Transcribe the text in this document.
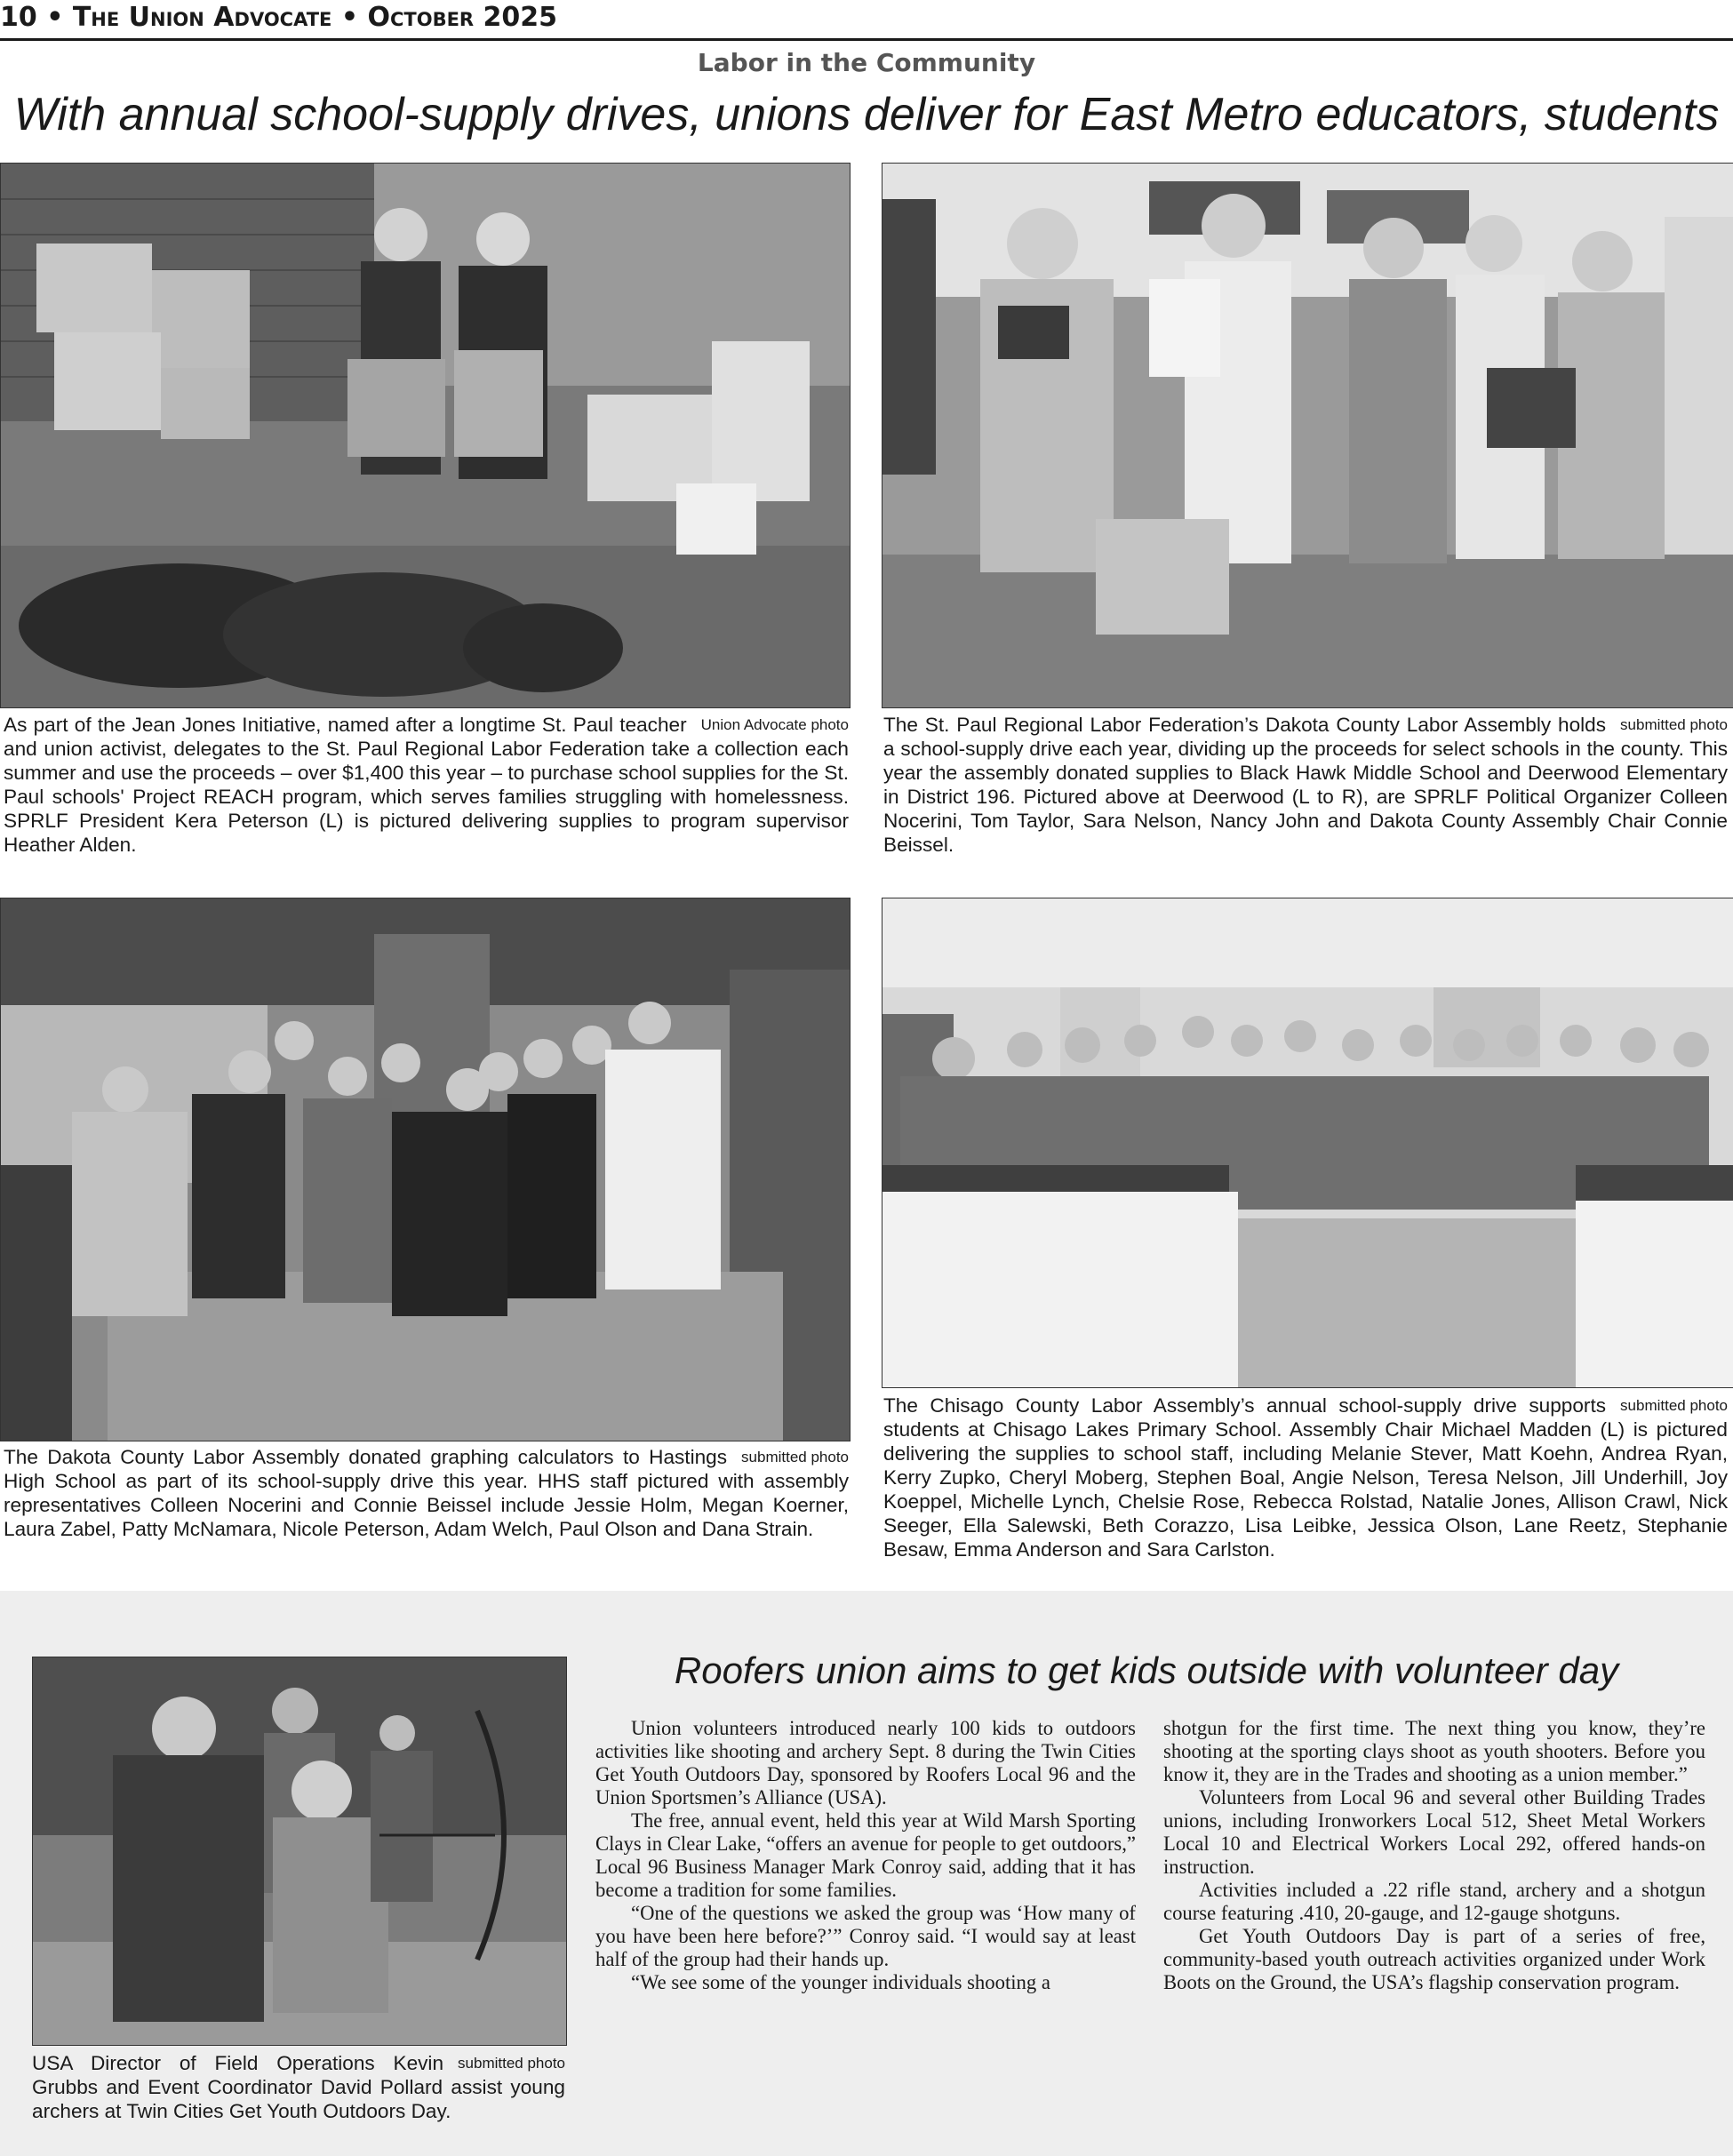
10 • The Union Advocate • October 2025
Labor in the Community
With annual school-supply drives, unions deliver for East Metro educators, students
Union Advocate photo
As part of the Jean Jones Initiative, named after a longtime St. Paul teacher and union activist, delegates to the St. Paul Regional Labor Federation take a collection each summer and use the proceeds – over $1,400 this year – to purchase school supplies for the St. Paul schools' Project REACH program, which serves families struggling with homelessness. SPRLF President Kera Peterson (L) is pictured delivering supplies to program supervisor Heather Alden.
submitted photo
The St. Paul Regional Labor Federation’s Dakota County Labor Assembly holds a school-supply drive each year, dividing up the proceeds for select schools in the county. This year the assembly donated supplies to Black Hawk Middle School and Deerwood Elementary in District 196. Pictured above at Deerwood (L to R), are SPRLF Political Organizer Colleen Nocerini, Tom Taylor, Sara Nelson, Nancy John and Dakota County Assembly Chair Connie Beissel.
submitted photo
The Dakota County Labor Assembly donated graphing calculators to Hastings High School as part of its school-supply drive this year. HHS staff pictured with assembly representatives Colleen Nocerini and Connie Beissel include Jessie Holm, Megan Koerner, Laura Zabel, Patty McNamara, Nicole Peterson, Adam Welch, Paul Olson and Dana Strain.
submitted photo
The Chisago County Labor Assembly’s annual school-supply drive supports students at Chisago Lakes Primary School. Assembly Chair Michael Madden (L) is pictured delivering the supplies to school staff, including Melanie Stever, Matt Koehn, Andrea Ryan, Kerry Zupko, Cheryl Moberg, Stephen Boal, Angie Nelson, Teresa Nelson, Jill Underhill, Joy Koeppel, Michelle Lynch, Chelsie Rose, Rebecca Rolstad, Natalie Jones, Allison Crawl, Nick Seeger, Ella Salewski, Beth Corazzo, Lisa Leibke, Jessica Olson, Lane Reetz, Stephanie Besaw, Emma Anderson and Sara Carlston.
submitted photo
USA Director of Field Operations Kevin Grubbs and Event Coordinator David Pollard assist young archers at Twin Cities Get Youth Outdoors Day.
Roofers union aims to get kids outside with volunteer day

Union volunteers introduced nearly 100 kids to outdoors activities like shooting and archery Sept. 8 during the Twin Cities Get Youth Outdoors Day, sponsored by Roofers Local 96 and the Union Sportsmen’s Alliance (USA).

The free, annual event, held this year at Wild Marsh Sporting Clays in Clear Lake, “offers an avenue for people to get outdoors,” Local 96 Business Manager Mark Conroy said, adding that it has become a tradition for some families.

“One of the questions we asked the group was ‘How many of you have been here before?’” Conroy said. “I would say at least half of the group had their hands up.

“We see some of the younger individuals shooting a

shotgun for the first time. The next thing you know, they’re shooting at the sporting clays shoot as youth shooters. Before you know it, they are in the Trades and shooting as a union member.”

Volunteers from Local 96 and several other Building Trades unions, including Ironworkers Local 512, Sheet Metal Workers Local 10 and Electrical Workers Local 292, offered hands-on instruction.

Activities included a .22 rifle stand, archery and a shotgun course featuring .410, 20-gauge, and 12-gauge shotguns.

Get Youth Outdoors Day is part of a series of free, community-based youth outreach activities organized under Work Boots on the Ground, the USA’s flagship conservation program.
